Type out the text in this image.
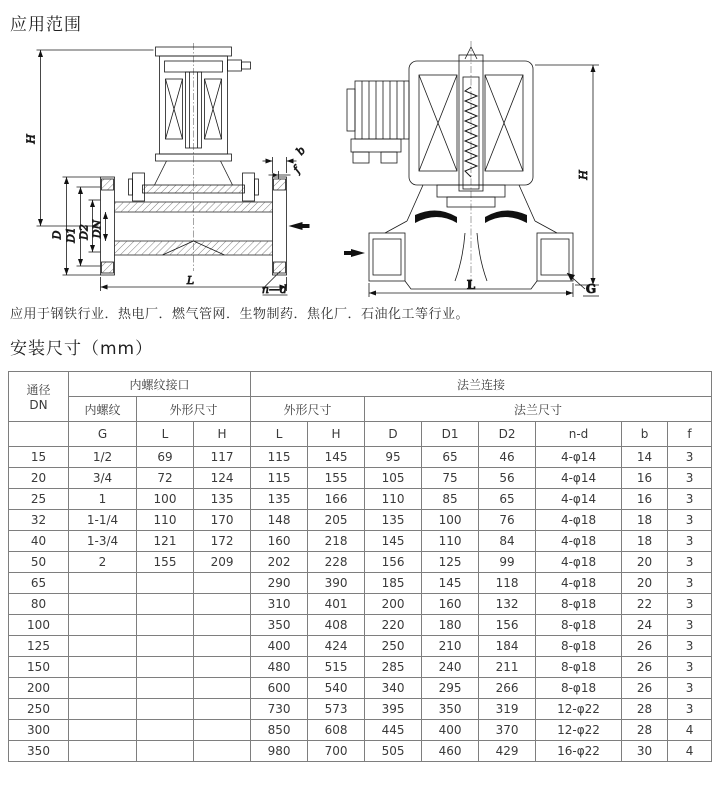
应用范围
H
D D1 D2 DN
L
b
f
n—d
H
L	G
应用于钢铁行业．热电厂．燃气管网．生物制药．焦化厂．石油化工等行业。
安装尺寸（mm）
通径
DN	内螺纹接口			法兰连接							
	内螺纹	外形尺寸		外形尺寸		法兰尺寸					
	G	L	H	L	H	D	D1	D2	n-d	b	f
15	1/2	69	117	115	145	95	65	46	4-φ14	14	3
20	3/4	72	124	115	155	105	75	56	4-φ14	16	3
25	1	100	135	135	166	110	85	65	4-φ14	16	3
32	1-1/4	110	170	148	205	135	100	76	4-φ18	18	3
40	1-3/4	121	172	160	218	145	110	84	4-φ18	18	3
50	2	155	209	202	228	156	125	99	4-φ18	20	3
65				290	390	185	145	118	4-φ18	20	3
80				310	401	200	160	132	8-φ18	22	3
100				350	408	220	180	156	8-φ18	24	3
125				400	424	250	210	184	8-φ18	26	3
150				480	515	285	240	211	8-φ18	26	3
200				600	540	340	295	266	8-φ18	26	3
250				730	573	395	350	319	12-φ22	28	3
300				850	608	445	400	370	12-φ22	28	4
350				980	700	505	460	429	16-φ22	30	4
